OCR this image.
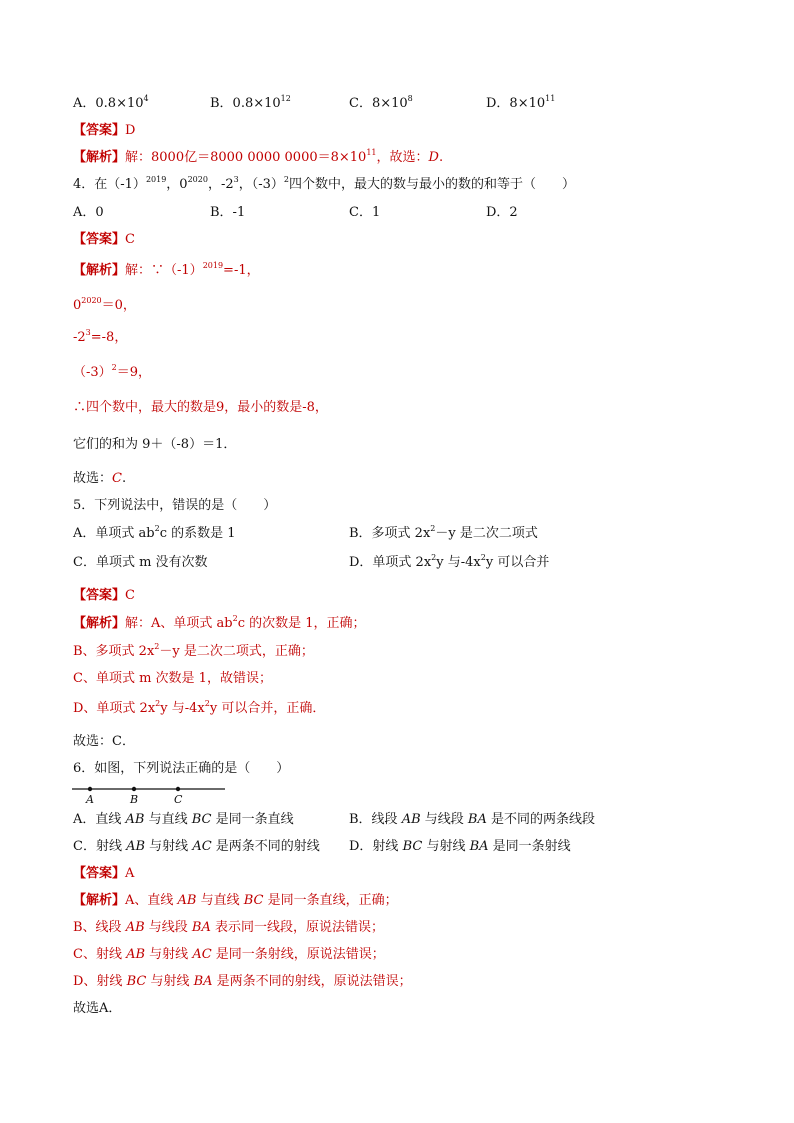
A．$0.8\times 10^4$	B．$0.8\times 10^{12}$	C．$8\times 10^8$	D．$8\times 10^{11}$
【答案】D
【解析】解：8000亿＝8000 0000 $0000=8\times 10^{11}$，故选：D.
4．在$(-1)^{2019}$，$0^{2020}$，$-2^3$，$(-3)^2$四个数中，最大的数与最小的数的和等于（　　）
A．0	B．-1	C．1	D．2
【答案】C
【解析】解：$\because(-1)^{2019}=-1$，
$0^{2020}=0$，
$-2^3=-8$，
$(-3)^2=9$，
∴四个数中，最大的数是9，最小的数是-8，
它们的和为 9＋（-8）＝1．
故选：C.
5．下列说法中，错误的是（　　）
A．单项式 $ab^2c$ 的系数是 1	B．多项式 $2x^2-y$ 是二次二项式
C．单项式 m 没有次数	D．单项式 $2x^2y$ 与$-4x^2y$ 可以合并
【答案】C
【解析】解：A、单项式 $ab^2c$ 的次数是 1，正确；
B、多项式 $2x^2-y$ 是二次二项式，正确；
C、单项式 m 次数是 1，故错误；
D、单项式 $2x^2y$ 与$-4x^2y$ 可以合并，正确．
故选：C．
6．如图，下列说法正确的是（　　）
A	B	C
A．直线 AB 与直线 BC 是同一条直线	B．线段 AB 与线段 BA 是不同的两条线段
C．射线 AB 与射线 AC 是两条不同的射线 D．射线 BC 与射线 BA 是同一条射线
【答案】A
【解析】A、直线 AB 与直线 BC 是同一条直线，正确；
B、线段 AB 与线段 BA 表示同一线段，原说法错误；
C、射线 AB 与射线 AC 是同一条射线，原说法错误；
D、射线 BC 与射线 BA 是两条不同的射线，原说法错误；
故选A．
